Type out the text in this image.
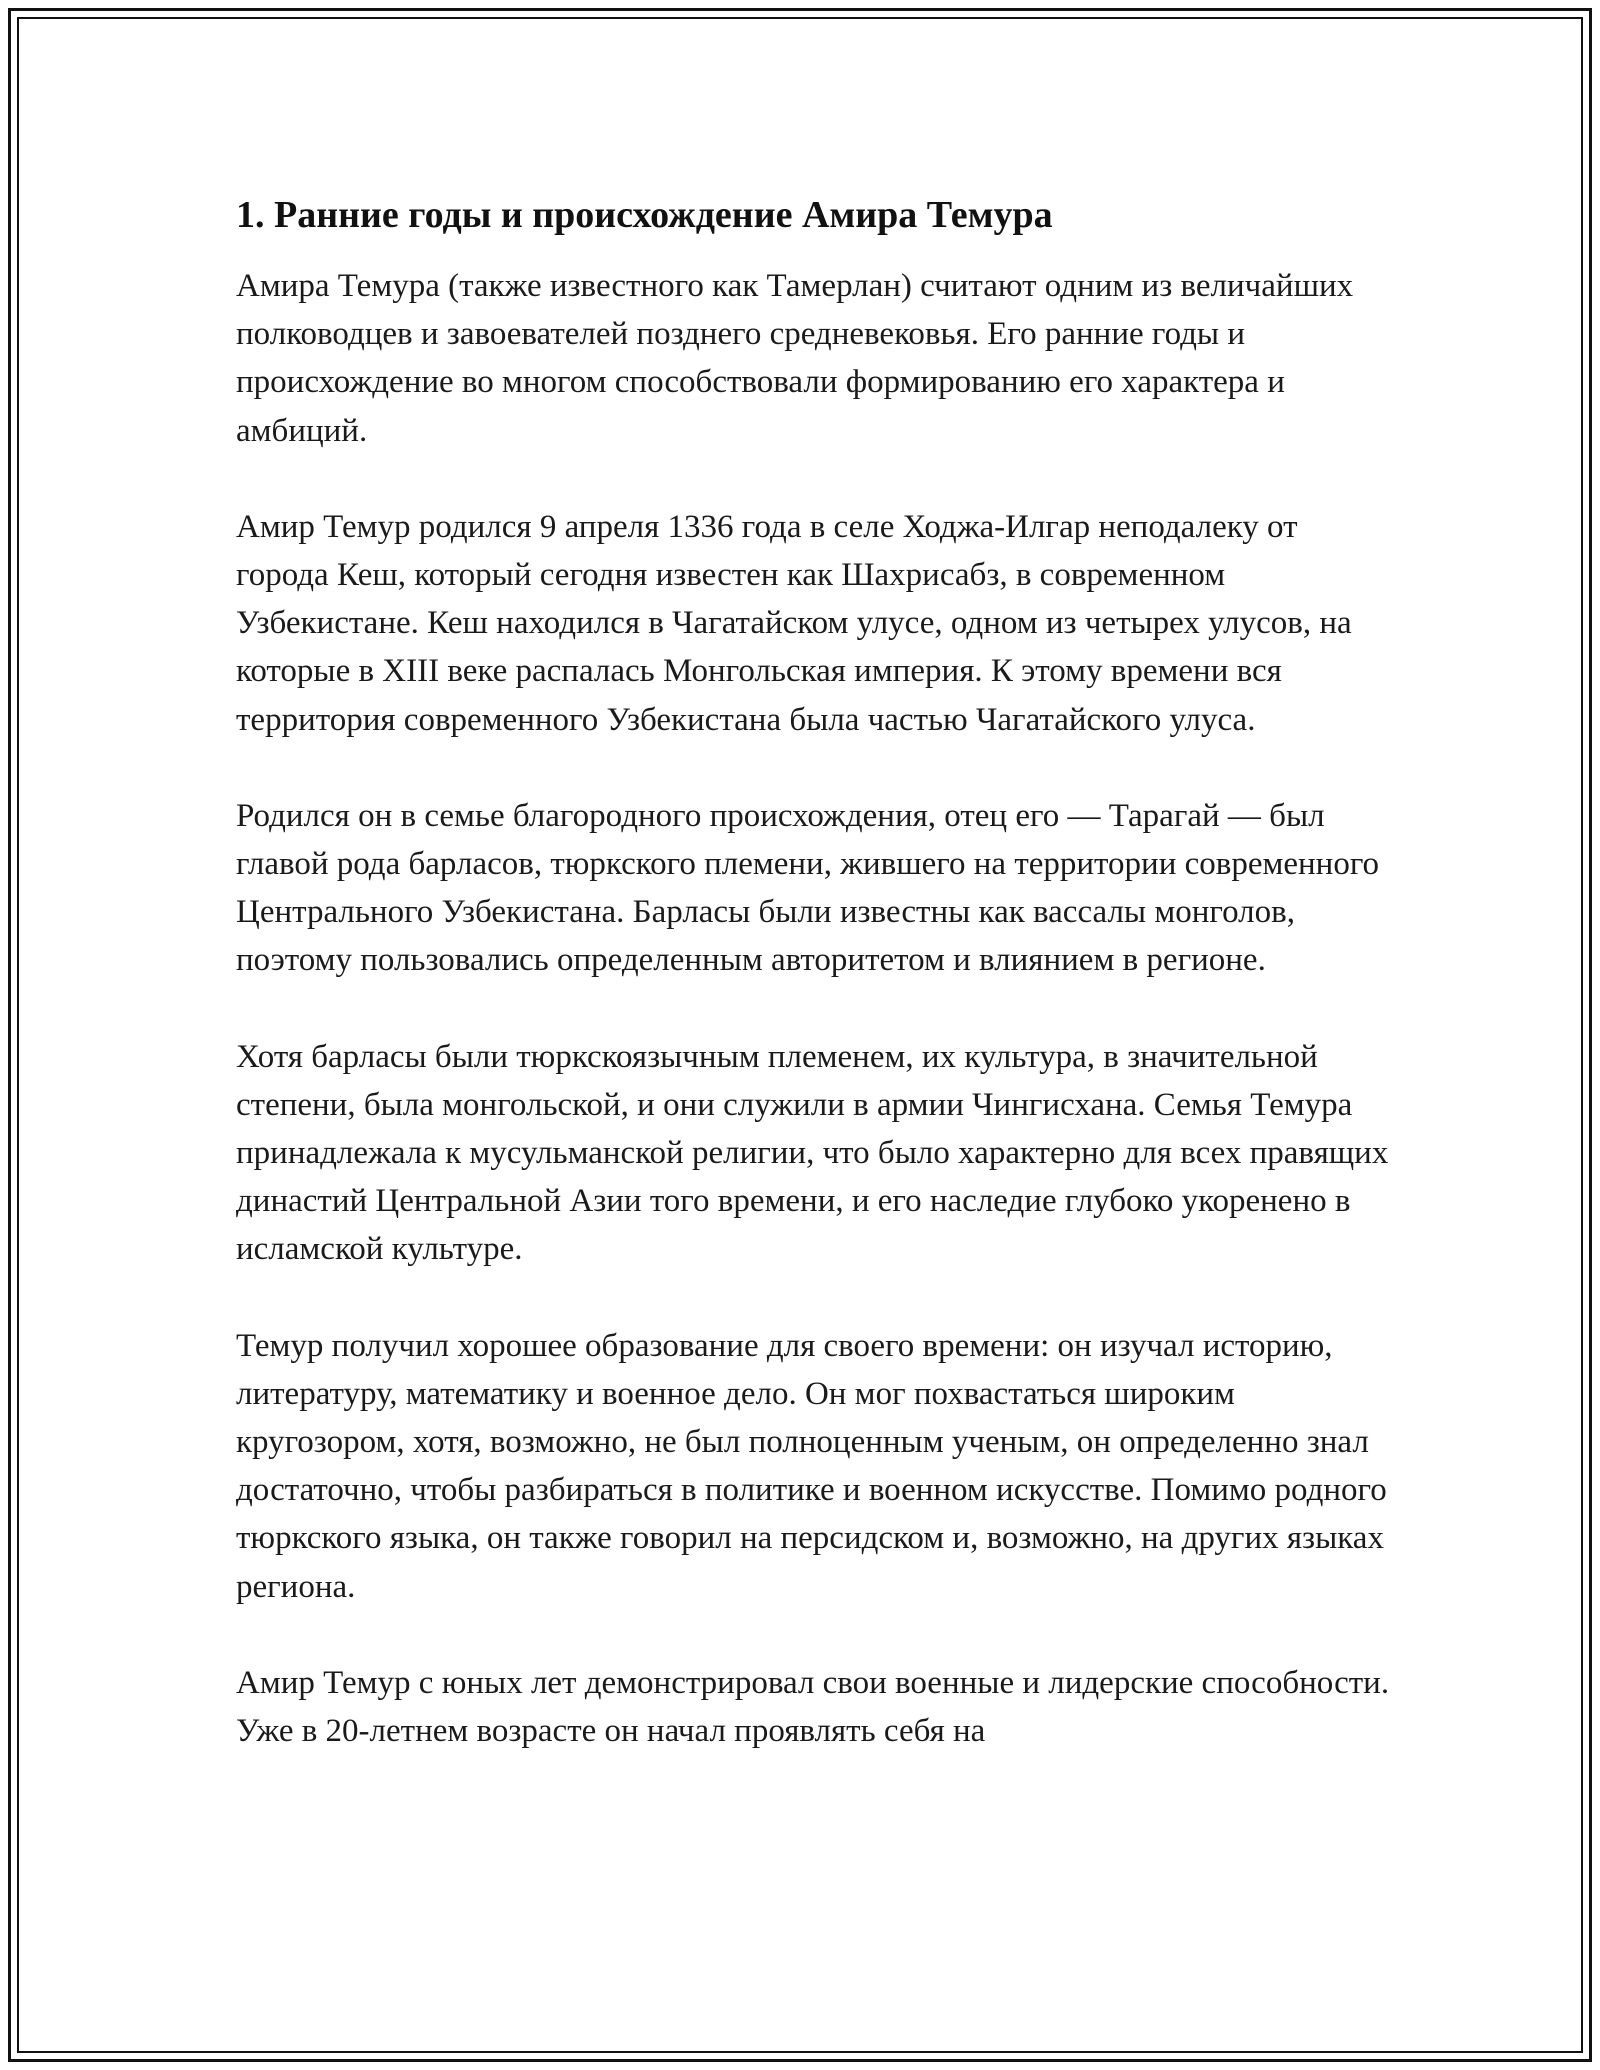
1. Ранние годы и происхождение Амира Темура

Амира Темура (также известного как Тамерлан) считают одним из величайших полководцев и завоевателей позднего средневековья. Его ранние годы и происхождение во многом способствовали формированию его характера и амбиций.

Амир Темур родился 9 апреля 1336 года в селе Ходжа-Илгар неподалеку от города Кеш, который сегодня известен как Шахрисабз, в современном Узбекистане. Кеш находился в Чагатайском улусе, одном из четырех улусов, на которые в XIII веке распалась Монгольская империя. К этому времени вся территория современного Узбекистана была частью Чагатайского улуса.

Родился он в семье благородного происхождения, отец его — Тарагай — был главой рода барласов, тюркского племени, жившего на территории современного Центрального Узбекистана. Барласы были известны как вассалы монголов, поэтому пользовались определенным авторитетом и влиянием в регионе.

Хотя барласы были тюркскоязычным племенем, их культура, в значительной степени, была монгольской, и они служили в армии Чингисхана. Семья Темура принадлежала к мусульманской религии, что было характерно для всех правящих династий Центральной Азии того времени, и его наследие глубоко укоренено в исламской культуре.

Темур получил хорошее образование для своего времени: он изучал историю, литературу, математику и военное дело. Он мог похвастаться широким кругозором, хотя, возможно, не был полноценным ученым, он определенно знал достаточно, чтобы разбираться в политике и военном искусстве. Помимо родного тюркского языка, он также говорил на персидском и, возможно, на других языках региона.

Амир Темур с юных лет демонстрировал свои военные и лидерские способности. Уже в 20-летнем возрасте он начал проявлять себя на
